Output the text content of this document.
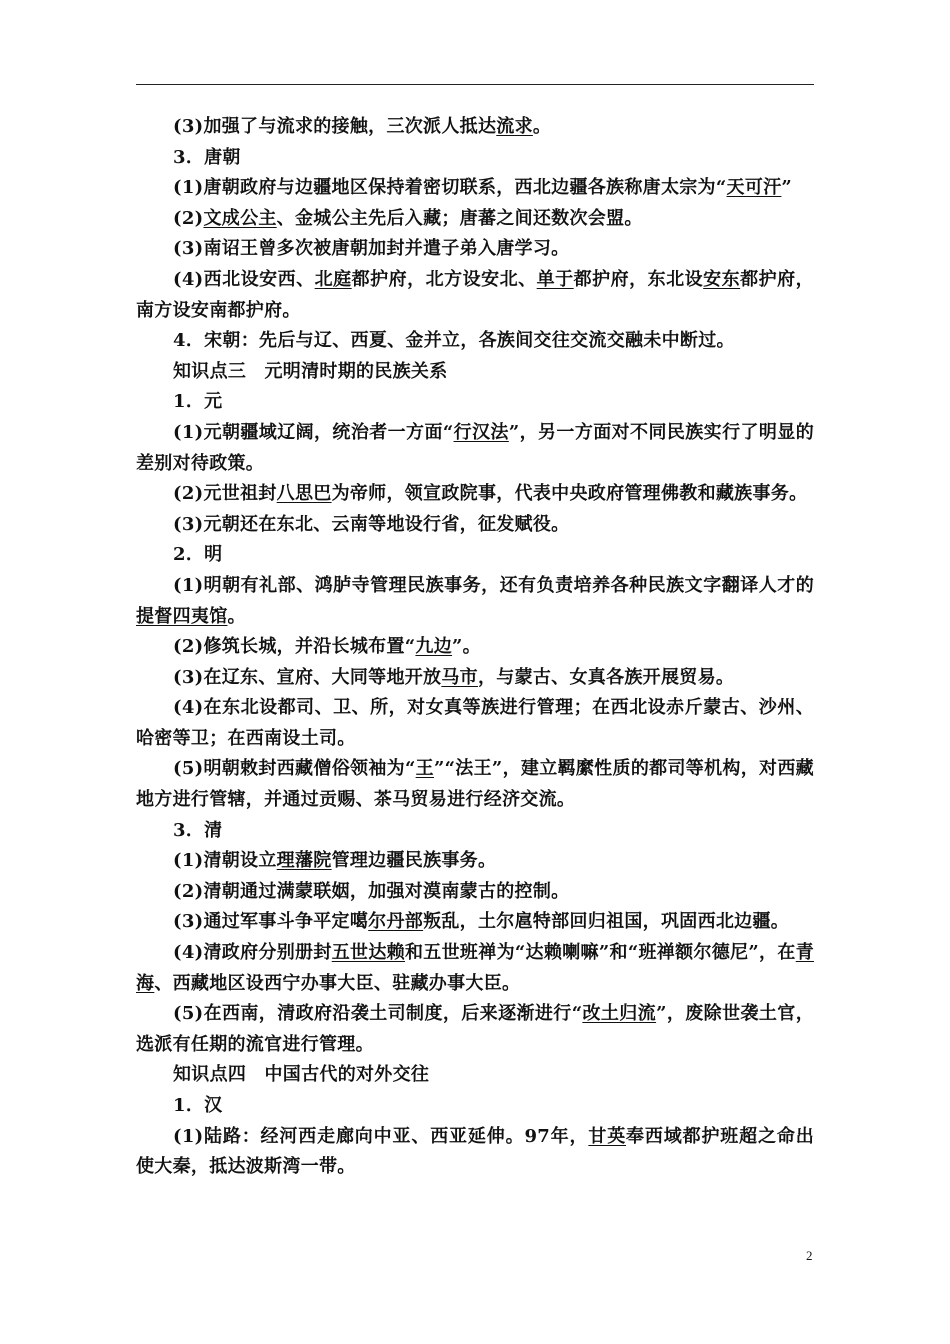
(3)加强了与流求的接触，三次派人抵达流求。
3．唐朝
(1)唐朝政府与边疆地区保持着密切联系，西北边疆各族称唐太宗为“天可汗”
(2)文成公主、金城公主先后入藏；唐蕃之间还数次会盟。
(3)南诏王曾多次被唐朝加封并遣子弟入唐学习。
(4)西北设安西、北庭都护府，北方设安北、单于都护府，东北设安东都护府，南方设安南都护府。
4．宋朝：先后与辽、西夏、金并立，各族间交往交流交融未中断过。
知识点三　元明清时期的民族关系
1．元
(1)元朝疆域辽阔，统治者一方面“行汉法”，另一方面对不同民族实行了明显的差别对待政策。
(2)元世祖封八思巴为帝师，领宣政院事，代表中央政府管理佛教和藏族事务。
(3)元朝还在东北、云南等地设行省，征发赋役。
2．明
(1)明朝有礼部、鸿胪寺管理民族事务，还有负责培养各种民族文字翻译人才的提督四夷馆。
(2)修筑长城，并沿长城布置“九边”。
(3)在辽东、宣府、大同等地开放马市，与蒙古、女真各族开展贸易。
(4)在东北设都司、卫、所，对女真等族进行管理；在西北设赤斤蒙古、沙州、哈密等卫；在西南设土司。
(5)明朝敕封西藏僧俗领袖为“王”“法王”，建立羁縻性质的都司等机构，对西藏地方进行管辖，并通过贡赐、茶马贸易进行经济交流。
3．清
(1)清朝设立理藩院管理边疆民族事务。
(2)清朝通过满蒙联姻，加强对漠南蒙古的控制。
(3)通过军事斗争平定噶尔丹部叛乱，土尔扈特部回归祖国，巩固西北边疆。
(4)清政府分别册封五世达赖和五世班禅为“达赖喇嘛”和“班禅额尔德尼”，在青海、西藏地区设西宁办事大臣、驻藏办事大臣。
(5)在西南，清政府沿袭土司制度，后来逐渐进行“改土归流”，废除世袭土官，选派有任期的流官进行管理。
知识点四　中国古代的对外交往
1．汉
(1)陆路：经河西走廊向中亚、西亚延伸。97年，甘英奉西域都护班超之命出使大秦，抵达波斯湾一带。
2
